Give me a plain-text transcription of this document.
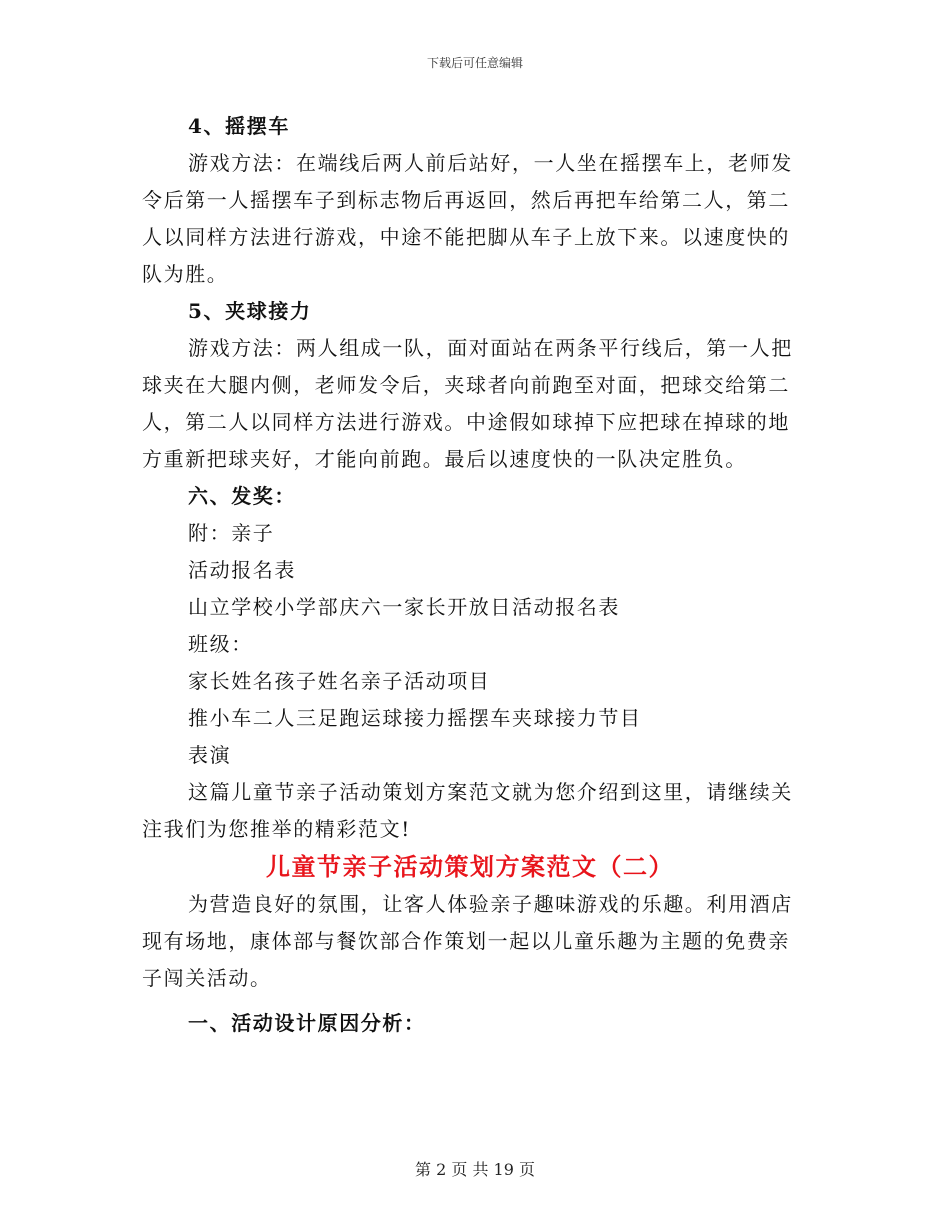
下载后可任意编辑

4、摇摆车

游戏方法：在端线后两人前后站好，一人坐在摇摆车上，老师发令后第一人摇摆车子到标志物后再返回，然后再把车给第二人，第二人以同样方法进行游戏，中途不能把脚从车子上放下来。以速度快的队为胜。

5、夹球接力

游戏方法：两人组成一队，面对面站在两条平行线后，第一人把球夹在大腿内侧，老师发令后，夹球者向前跑至对面，把球交给第二人，第二人以同样方法进行游戏。中途假如球掉下应把球在掉球的地方重新把球夹好，才能向前跑。最后以速度快的一队决定胜负。

六、发奖：

附：亲子

活动报名表

山立学校小学部庆六一家长开放日活动报名表

班级：

家长姓名孩子姓名亲子活动项目

推小车二人三足跑运球接力摇摆车夹球接力节目

表演

这篇儿童节亲子活动策划方案范文就为您介绍到这里，请继续关注我们为您推举的精彩范文!

儿童节亲子活动策划方案范文（二）

为营造良好的氛围，让客人体验亲子趣味游戏的乐趣。利用酒店现有场地，康体部与餐饮部合作策划一起以儿童乐趣为主题的免费亲子闯关活动。

一、活动设计原因分析：

第 2 页 共 19 页
